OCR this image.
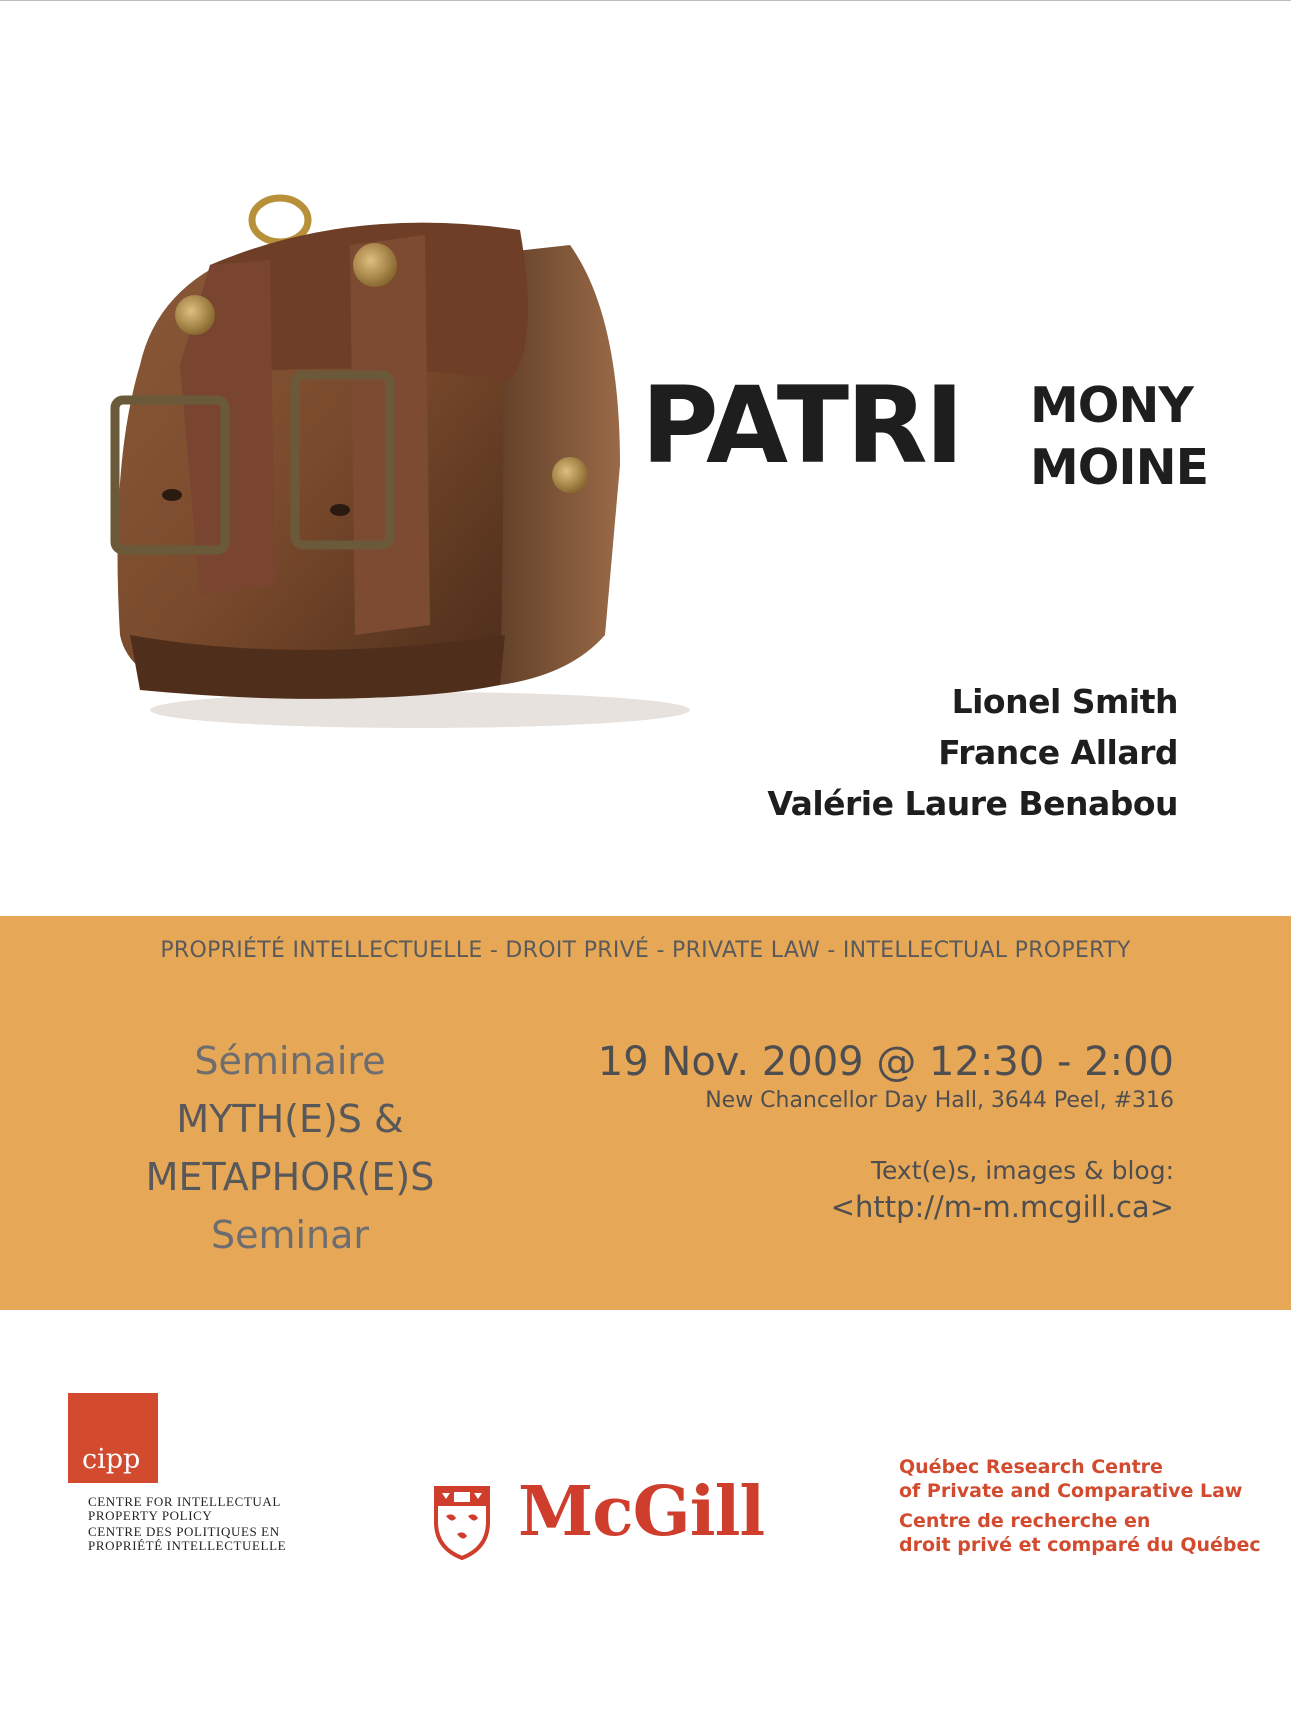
PATRI MONY
MOINE
Lionel Smith
France Allard
Valérie Laure Benabou
PROPRIÉTÉ INTELLECTUELLE - DROIT PRIVÉ - PRIVATE LAW - INTELLECTUAL PROPERTY
Séminaire
MYTH(E)S &
METAPHOR(E)S
Seminar
19 Nov. 2009 @ 12:30 - 2:00
New Chancellor Day Hall, 3644 Peel, #316
Text(e)s, images & blog:
<http://m-m.mcgill.ca>
cipp
CENTRE FOR INTELLECTUAL
PROPERTY POLICY
CENTRE DES POLITIQUES EN
PROPRIÉTÉ INTELLECTUELLE	McGill
Québec Research Centre
of Private and Comparative Law
Centre de recherche en
droit privé et comparé du Québec
